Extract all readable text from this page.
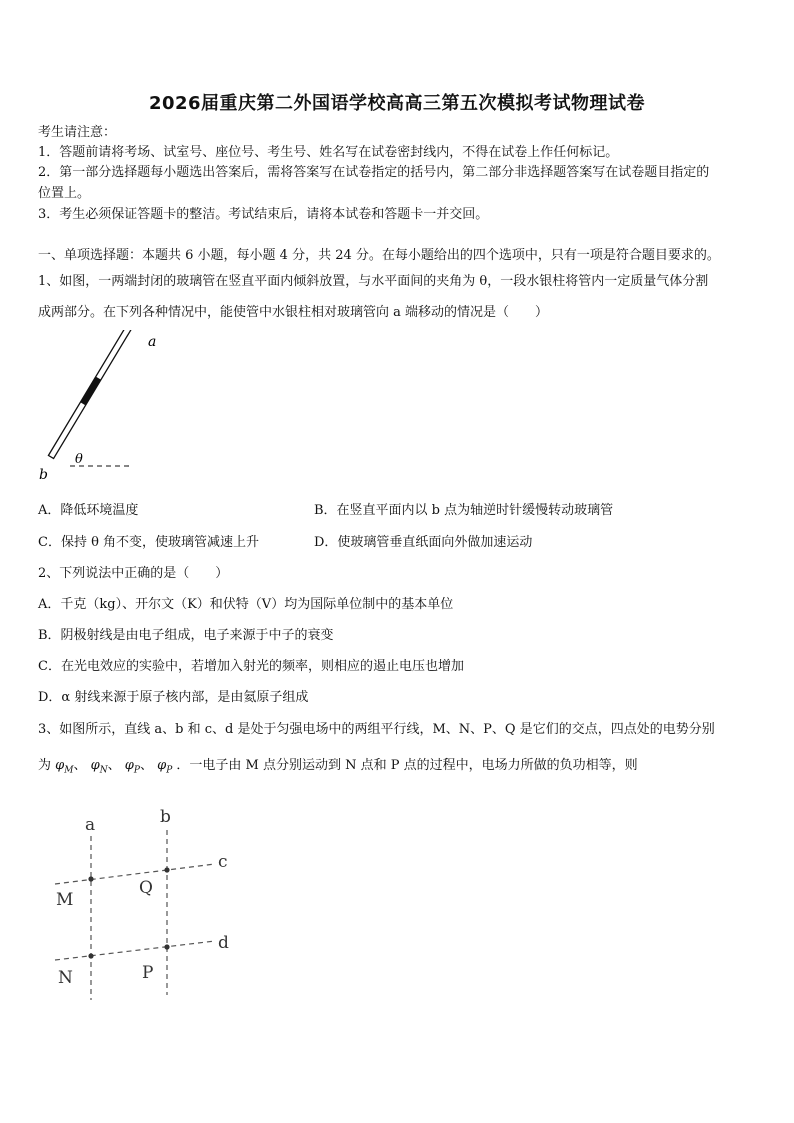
2026届重庆第二外国语学校高高三第五次模拟考试物理试卷
考生请注意：
1．答题前请将考场、试室号、座位号、考生号、姓名写在试卷密封线内，不得在试卷上作任何标记。
2．第一部分选择题每小题选出答案后，需将答案写在试卷指定的括号内，第二部分非选择题答案写在试卷题目指定的
位置上。
3．考生必须保证答题卡的整洁。考试结束后，请将本试卷和答题卡一并交回。
一、单项选择题：本题共 6 小题，每小题 4 分，共 24 分。在每小题给出的四个选项中，只有一项是符合题目要求的。
1、如图，一两端封闭的玻璃管在竖直平面内倾斜放置，与水平面间的夹角为 θ，一段水银柱将管内一定质量气体分割
成两部分。在下列各种情况中，能使管中水银柱相对玻璃管向 a 端移动的情况是（　　）
a
b
θ
A．降低环境温度	B．在竖直平面内以 b 点为轴逆时针缓慢转动玻璃管
C．保持 θ 角不变，使玻璃管减速上升	D．使玻璃管垂直纸面向外做加速运动
2、下列说法中正确的是（　　）
A．千克（kg）、开尔文（K）和伏特（V）均为国际单位制中的基本单位
B．阴极射线是由电子组成，电子来源于中子的衰变
C．在光电效应的实验中，若增加入射光的频率，则相应的遏止电压也增加
D．α 射线来源于原子核内部，是由氦原子组成
3、如图所示，直线 a、b 和 c、d 是处于匀强电场中的两组平行线，M、N、P、Q 是它们的交点，四点处的电势分别
为 $\varphi_M$、 $\varphi_N$、 $\varphi_P$、 $\varphi_P$ ．一电子由 M 点分别运动到 N 点和 P 点的过程中，电场力所做的负功相等，则
a	b
c
d
M
Q
N	P
